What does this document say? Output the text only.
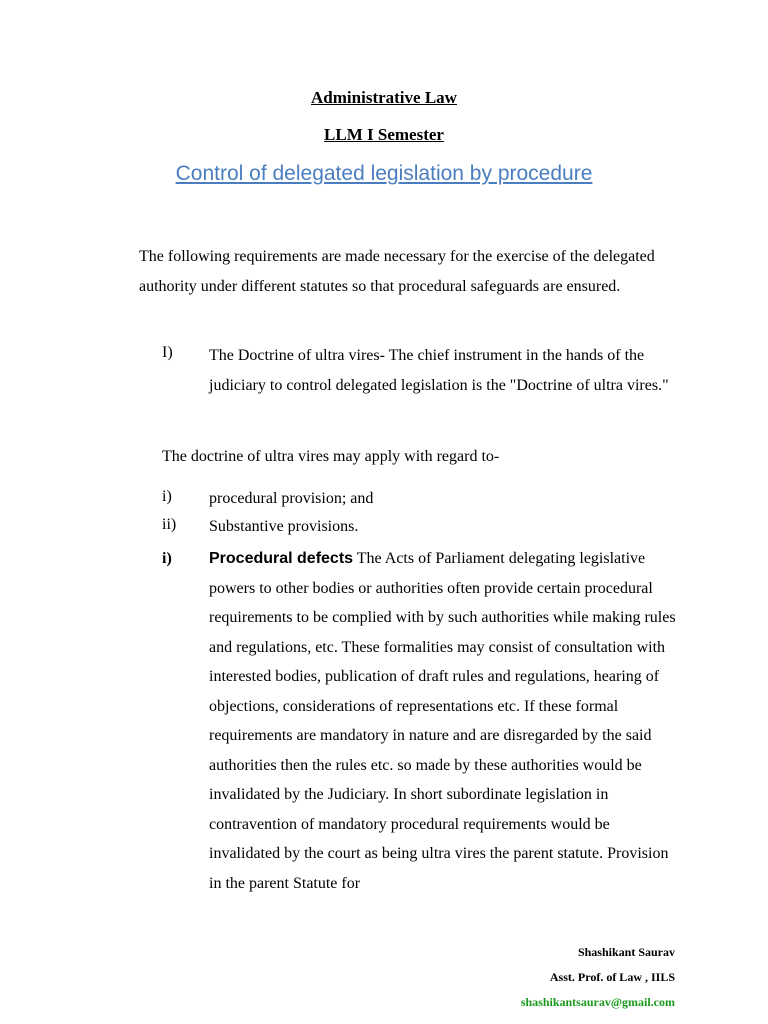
Administrative Law
LLM I Semester
Control of delegated legislation by procedure
The following requirements are made necessary for the exercise of the delegated authority under different statutes so that procedural safeguards are ensured.
I) The Doctrine of ultra vires- The chief instrument in the hands of the judiciary to control delegated legislation is the "Doctrine of ultra vires."
The doctrine of ultra vires may apply with regard to-
i) procedural provision; and
ii) Substantive provisions.
i) Procedural defects The Acts of Parliament delegating legislative powers to other bodies or authorities often provide certain procedural requirements to be complied with by such authorities while making rules and regulations, etc. These formalities may consist of consultation with interested bodies, publication of draft rules and regulations, hearing of objections, considerations of representations etc. If these formal requirements are mandatory in nature and are disregarded by the said authorities then the rules etc. so made by these authorities would be invalidated by the Judiciary. In short subordinate legislation in contravention of mandatory procedural requirements would be invalidated by the court as being ultra vires the parent statute. Provision in the parent Statute for
Shashikant Saurav
Asst. Prof. of Law , IILS
shashikantsaurav@gmail.com
